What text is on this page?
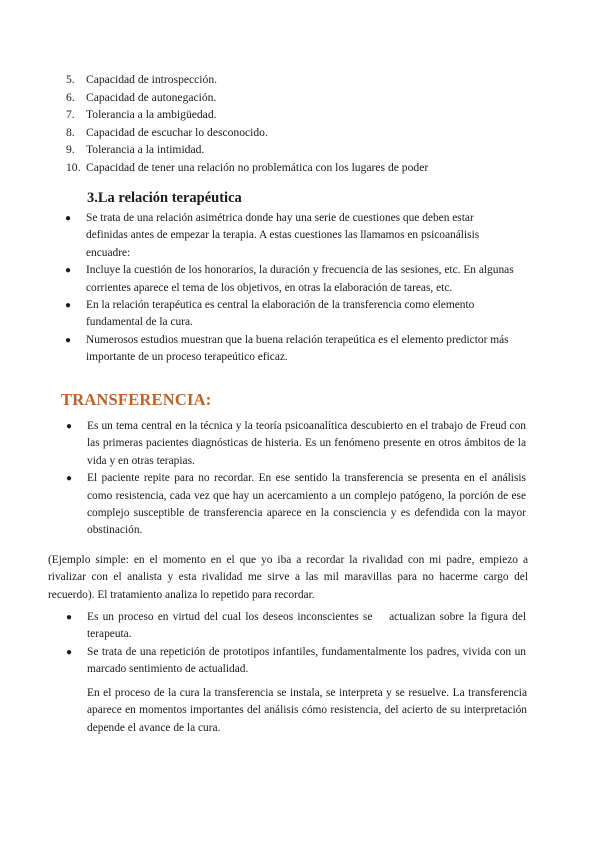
5. Capacidad de introspección.
6. Capacidad de autonegación.
7. Tolerancia a la ambigüedad.
8. Capacidad de escuchar lo desconocido.
9. Tolerancia a la intimidad.
10. Capacidad de tener una relación no problemática con los lugares de poder
3.La relación terapéutica
●	Se trata de una relación asimétrica donde hay una serie de cuestiones que deben estar definidas antes de empezar la terapia. A estas cuestiones las llamamos en psicoanálisis encuadre:
●	Incluye la cuestión de los honorarios, la duración y frecuencia de las sesiones, etc. En algunas corrientes aparece el tema de los objetivos, en otras la elaboración de tareas, etc.
●	En la relación terapéutica es central la elaboración de la transferencia como elemento fundamental de la cura.
●	Numerosos estudios muestran que la buena relación terapeútica es el elemento predictor más importante de un proceso terapeútico eficaz.
TRANSFERENCIA:
●	Es un tema central en la técnica y la teoría psicoanalítica descubierto en el trabajo de Freud con las primeras pacientes diagnósticas de histeria. Es un fenómeno presente en otros ámbitos de la vida y en otras terapias.
●	El paciente repite para no recordar. En ese sentido la transferencia se presenta en el análisis como resistencia, cada vez que hay un acercamiento a un complejo patógeno, la porción de ese complejo susceptible de transferencia aparece en la consciencia y es defendida con la mayor obstinación.

(Ejemplo simple: en el momento en el que yo iba a recordar la rivalidad con mi padre, empiezo a rivalizar con el analista y esta rivalidad me sirve a las mil maravillas para no hacerme cargo del recuerdo). El tratamiento analiza lo repetido para recordar.

●	Es un proceso en virtud del cual los deseos inconscientes se    actualizan sobre la figura del terapeuta.
●	Se trata de una repetición de prototipos infantiles, fundamentalmente los padres, vivida con un marcado sentimiento de actualidad.

En el proceso de la cura la transferencia se instala, se interpreta y se resuelve. La transferencia aparece en momentos importantes del análisis cómo resistencia, del acierto de su interpretación depende el avance de la cura.
